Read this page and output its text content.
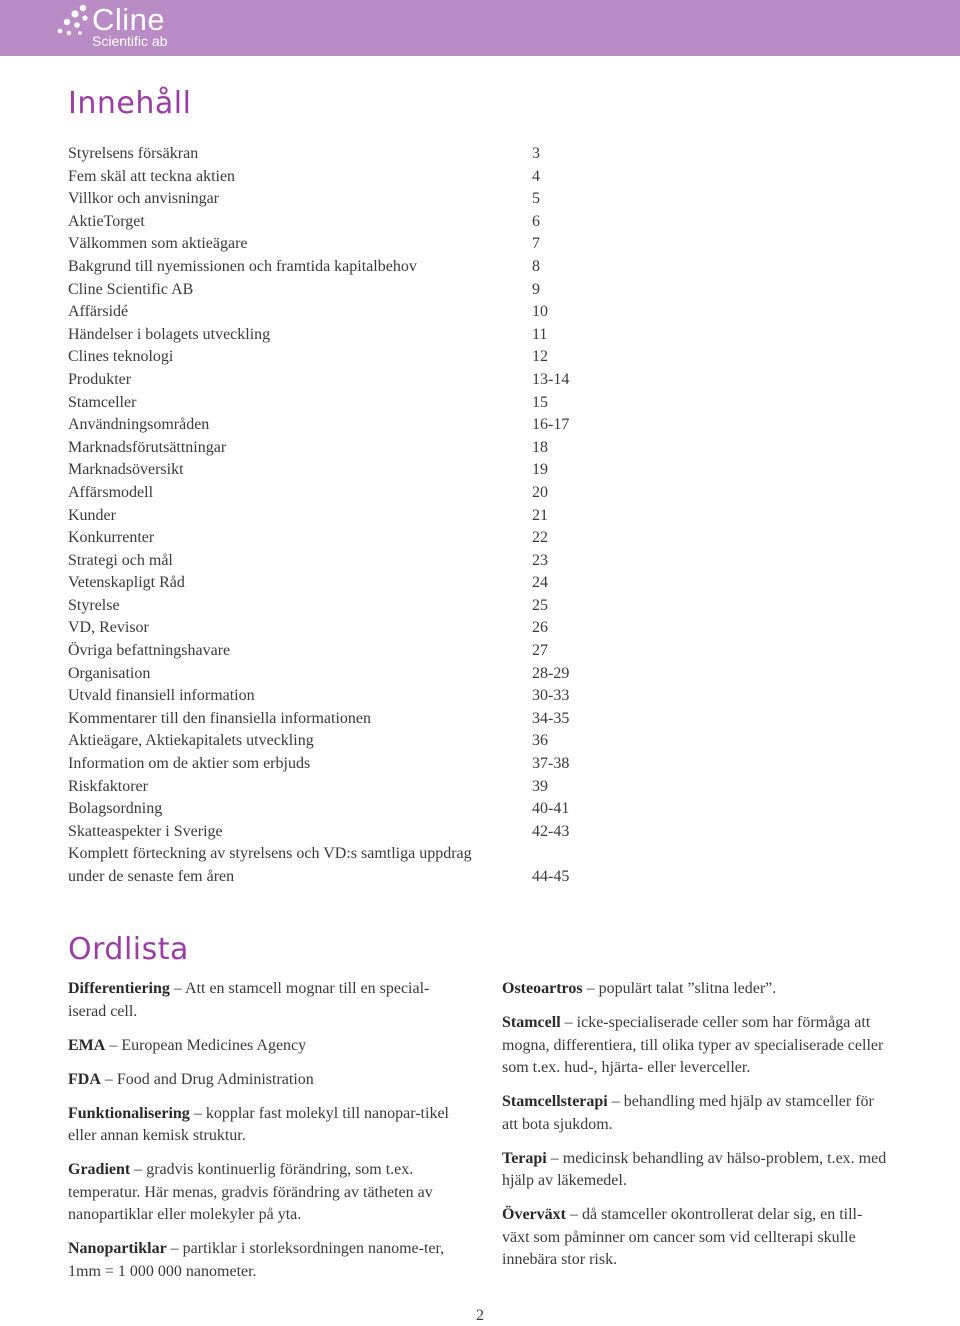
Cline
Scientific ab
Innehåll
Styrelsens försäkran	3
Fem skäl att teckna aktien	4
Villkor och anvisningar	5
AktieTorget	6
Välkommen som aktieägare	7
Bakgrund till nyemissionen och framtida kapitalbehov	8
Cline Scientific AB	9
Affärsidé	10
Händelser i bolagets utveckling	11
Clines teknologi	12
Produkter	13-14
Stamceller	15
Användningsområden	16-17
Marknadsförutsättningar	18
Marknadsöversikt	19
Affärsmodell	20
Kunder	21
Konkurrenter	22
Strategi och mål	23
Vetenskapligt Råd	24
Styrelse	25
VD, Revisor	26
Övriga befattningshavare	27
Organisation	28-29
Utvald finansiell information	30-33
Kommentarer till den finansiella informationen	34-35
Aktieägare, Aktiekapitalets utveckling	36
Information om de aktier som erbjuds	37-38
Riskfaktorer	39
Bolagsordning	40-41
Skatteaspekter i Sverige	42-43
Komplett förteckning av styrelsens och VD:s samtliga uppdrag under de senaste fem åren	44-45
Ordlista

Differentiering – Att en stamcell mognar till en special-iserad cell.

EMA – European Medicines Agency

FDA – Food and Drug Administration

Funktionalisering – kopplar fast molekyl till nanopar-tikel eller annan kemisk struktur.

Gradient – gradvis kontinuerlig förändring, som t.ex. temperatur. Här menas, gradvis förändring av tätheten av nanopartiklar eller molekyler på yta.

Nanopartiklar – partiklar i storleksordningen nanome-ter, 1mm = 1 000 000 nanometer.

Osteoartros – populärt talat ”slitna leder”.

Stamcell – icke-specialiserade celler som har förmåga att mogna, differentiera, till olika typer av specialiserade celler som t.ex. hud-, hjärta- eller leverceller.

Stamcellsterapi – behandling med hjälp av stamceller för att bota sjukdom.

Terapi – medicinsk behandling av hälso-problem, t.ex. med hjälp av läkemedel.

Överväxt – då stamceller okontrollerat delar sig, en till-växt som påminner om cancer som vid cellterapi skulle innebära stor risk.

2
